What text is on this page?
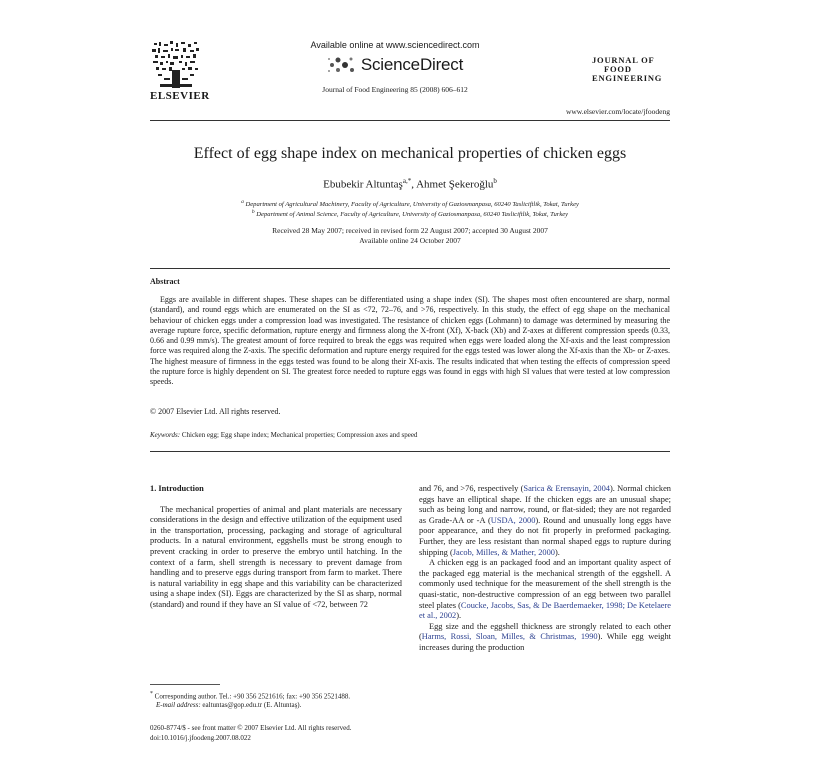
ELSEVIER
Available online at www.sciencedirect.com
ScienceDirect
Journal of Food Engineering 85 (2008) 606–612
JOURNAL OF
FOOD
ENGINEERING
www.elsevier.com/locate/jfoodeng
Effect of egg shape index on mechanical properties of chicken eggs
Ebubekir Altuntaş$^{a,*}$, Ahmet Şekeroğlu$^b$
$^a$ Department of Agricultural Machinery, Faculty of Agriculture, University of Gaziosmanpasa, 60240 Tasliciftlik, Tokat, Turkey
$^b$ Department of Animal Science, Faculty of Agriculture, University of Gaziosmanpasa, 60240 Tasliciftlik, Tokat, Turkey
Received 28 May 2007; received in revised form 22 August 2007; accepted 30 August 2007
Available online 24 October 2007
Abstract

Eggs are available in different shapes. These shapes can be differentiated using a shape index (SI). The shapes most often encountered are sharp, normal (standard), and round eggs which are enumerated on the SI as <72, 72–76, and >76, respectively. In this study, the effect of egg shape on the mechanical behaviour of chicken eggs under a compression load was investigated. The resistance of chicken eggs (Lohmann) to damage was determined by measuring the average rupture force, specific deformation, rupture energy and firmness along the X-front (Xf), X-back (Xb) and Z-axes at different compression speeds (0.33, 0.66 and 0.99 mm/s). The greatest amount of force required to break the eggs was required when eggs were loaded along the Xf-axis and the least compression force was required along the Z-axis. The specific deformation and rupture energy required for the eggs tested was lower along the Xf-axis than the Xb- or Z-axes. The highest measure of firmness in the eggs tested was found to be along their Xf-axis. The results indicated that when testing the effects of compression speed the rupture force is highly dependent on SI. The greatest force needed to rupture eggs was found in eggs with high SI values that were tested at low compression speeds.

© 2007 Elsevier Ltd. All rights reserved.
Keywords: Chicken egg; Egg shape index; Mechanical properties; Compression axes and speed

1. Introduction

The mechanical properties of animal and plant materials are necessary considerations in the design and effective utilization of the equipment used in the transportation, processing, packaging and storage of agricultural products. In a natural environment, eggshells must be strong enough to prevent cracking in order to preserve the embryo until hatching. In the context of a farm, shell strength is necessary to prevent damage from handling and to preserve eggs during transport from farm to market. There is natural variability in egg shape and this variability can be characterized using a shape index (SI). Eggs are characterized by the SI as sharp, normal (standard) and round if they have an SI value of <72, between 72

and 76, and >76, respectively (Sarica & Erensayin, 2004). Normal chicken eggs have an elliptical shape. If the chicken eggs are an unusual shape; such as being long and narrow, round, or flat-sided; they are not regarded as Grade-AA or -A (USDA, 2000). Round and unusually long eggs have poor appearance, and they do not fit properly in preformed packaging. Further, they are less resistant than normal shaped eggs to rupture during shipping (Jacob, Milles, & Mather, 2000).

A chicken egg is an packaged food and an important quality aspect of the packaged egg material is the mechanical strength of the eggshell. A commonly used technique for the measurement of the shell strength is the quasi-static, non-destructive compression of an egg between two parallel steel plates (Coucke, Jacobs, Sas, & De Baerdemaeker, 1998; De Ketelaere et al., 2002).

Egg size and the eggshell thickness are strongly related to each other (Harms, Rossi, Sloan, Milles, & Christmas, 1990). While egg weight increases during the production

* Corresponding author. Tel.: +90 356 2521616; fax: +90 356 2521488.
E-mail address: ealtuntas@gop.edu.tr (E. Altuntaş).
0260-8774/$ - see front matter © 2007 Elsevier Ltd. All rights reserved.
doi:10.1016/j.jfoodeng.2007.08.022
